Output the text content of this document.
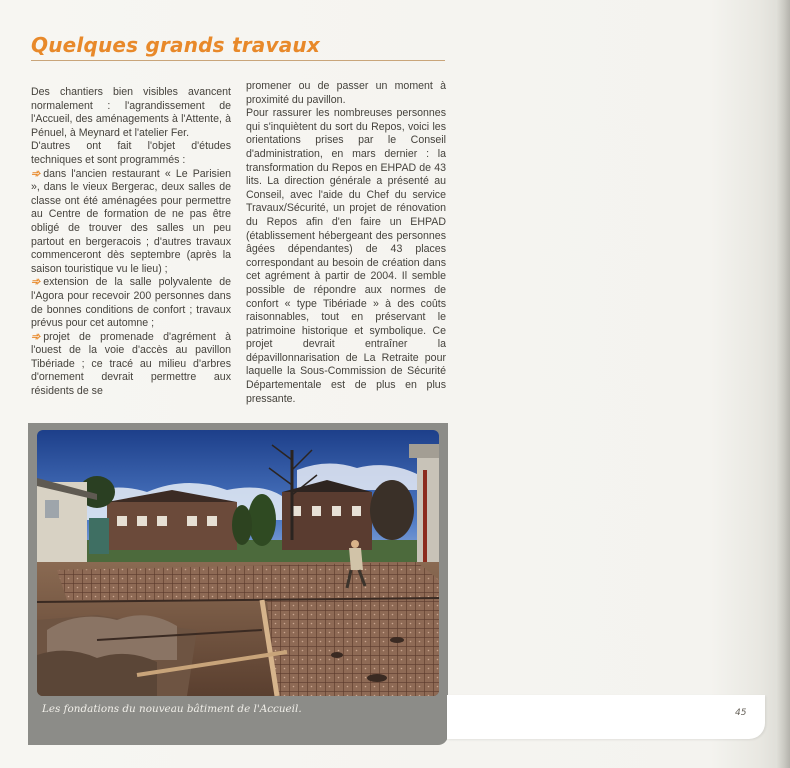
Quelques grands travaux

Des chantiers bien visibles avancent normalement : l'agrandissement de l'Accueil, des aménagements à l'Attente, à Pénuel, à Meynard et l'atelier Fer.

D'autres ont fait l'objet d'études techniques et sont programmés :

➾ dans l'ancien restaurant « Le Parisien », dans le vieux Bergerac, deux salles de classe ont été aménagées pour permettre au Centre de formation de ne pas être obligé de trouver des salles un peu partout en bergeracois ; d'autres travaux commenceront dès septembre (après la saison touristique vu le lieu) ;

➾ extension de la salle polyvalente de l'Agora pour recevoir 200 personnes dans de bonnes conditions de confort ; travaux prévus pour cet automne ;

➾ projet de promenade d'agrément à l'ouest de la voie d'accès au pavillon Tibériade ; ce tracé au milieu d'arbres d'ornement devrait permettre aux résidents de se

promener ou de passer un moment à proximité du pavillon.

Pour rassurer les nombreuses personnes qui s'inquiètent du sort du Repos, voici les orientations prises par le Conseil d'administration, en mars dernier : la transformation du Repos en EHPAD de 43 lits. La direction générale a présenté au Conseil, avec l'aide du Chef du service Travaux/Sécurité, un projet de rénovation du Repos afin d'en faire un EHPAD (établissement hébergeant des personnes âgées dépendantes) de 43 places correspondant au besoin de création dans cet agrément à partir de 2004. Il semble possible de répondre aux normes de confort « type Tibériade » à des coûts raisonnables, tout en préservant le patrimoine historique et symbolique. Ce projet devrait entraîner la dépavillonnarisation de La Retraite pour laquelle la Sous-Commission de Sécurité Départementale est de plus en plus pressante.

Les fondations du nouveau bâtiment de l'Accueil.	45
